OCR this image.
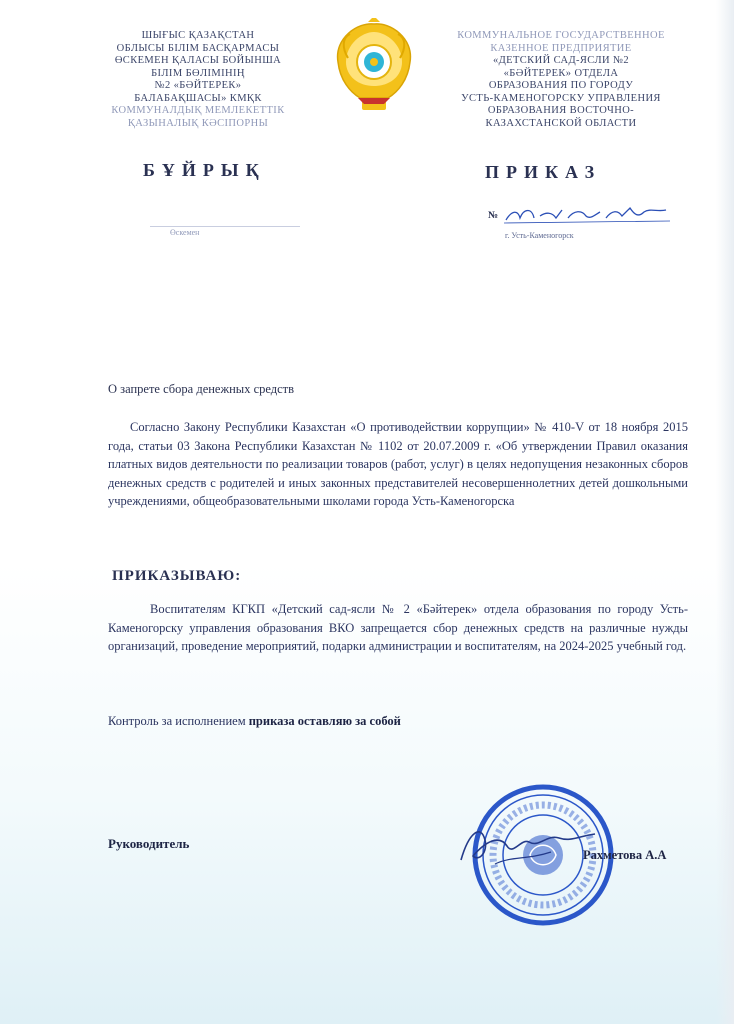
ШЫҒЫС ҚАЗАҚСТАН
ОБЛЫСЫ БІЛІМ БАСҚАРМАСЫ
ӨСКЕМЕН ҚАЛАСЫ БОЙЫНША
БІЛІМ БӨЛІМІНІҢ
№2 «БӘЙТЕРЕК»
БАЛАБАҚШАСЫ» КМҚК
КОММУНАЛДЫҚ МЕМЛЕКЕТТІК
ҚАЗЫНАЛЫҚ КӘСІПОРНЫ
КОММУНАЛЬНОЕ ГОСУДАРСТВЕННОЕ
КАЗЕННОЕ ПРЕДПРИЯТИЕ
«ДЕТСКИЙ САД-ЯСЛИ №2
«БӘЙТЕРЕК» ОТДЕЛА
ОБРАЗОВАНИЯ ПО ГОРОДУ
УСТЬ-КАМЕНОГОРСКУ УПРАВЛЕНИЯ
ОБРАЗОВАНИЯ ВОСТОЧНО-
КАЗАХСТАНСКОЙ ОБЛАСТИ
БҰЙРЫҚ	ПРИКАЗ
Өскемен
№
г. Усть-Каменогорск
О запрете сбора денежных средств
Согласно Закону Республики Казахстан «О противодействии коррупции» № 410-V от 18 ноября 2015 года, статьи 03 Закона Республики Казахстан № 1102 от 20.07.2009 г. «Об утверждении Правил оказания платных видов деятельности по реализации товаров (работ, услуг) в целях недопущения незаконных сборов денежных средств с родителей и иных законных представителей несовершеннолетних детей дошкольными учреждениями, общеобразовательными школами города Усть-Каменогорска
ПРИКАЗЫВАЮ:
Воспитателям КГКП «Детский сад-ясли № 2 «Бәйтерек» отдела образования по городу Усть-Каменогорску управления образования ВКО запрещается сбор денежных средств на различные нужды организаций, проведение мероприятий, подарки администрации и воспитателям, на 2024-2025 учебный год.
Контроль за исполнением приказа оставляю за собой
Руководитель
Рахметова А.А
